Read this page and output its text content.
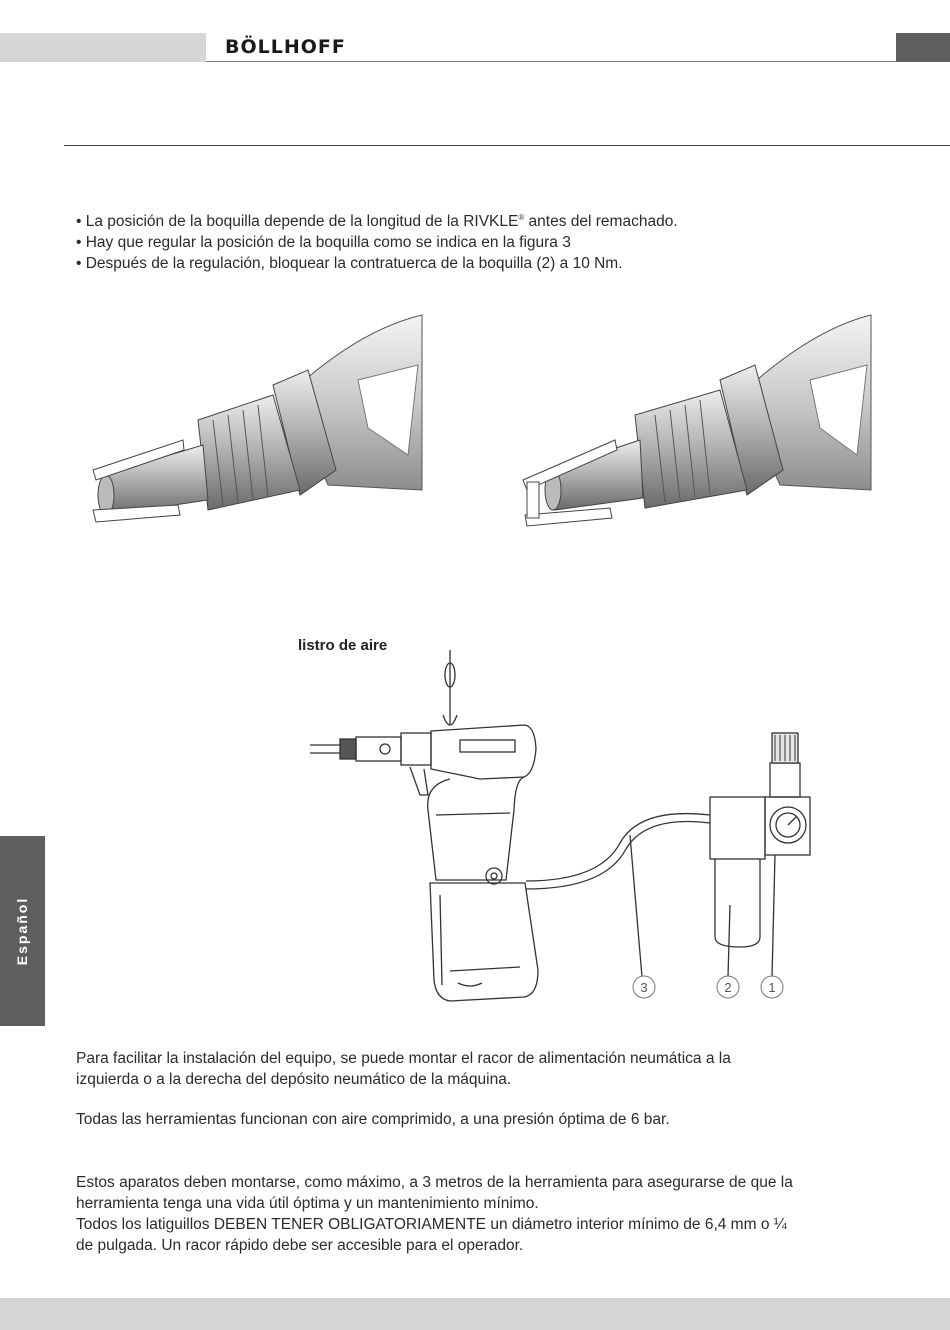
BÖLLHOFF
• La posición de la boquilla depende de la longitud de la RIVKLE® antes del remachado.
• Hay que regular la posición de la boquilla como se indica en la figura 3
• Después de la regulación, bloquear la contratuerca de la boquilla (2) a 10 Nm.
listro de aire
3	2	1
Español
Para facilitar la instalación del equipo, se puede montar el racor de alimentación neumática a la
izquierda o a la derecha del depósito neumático de la máquina.
Todas las herramientas funcionan con aire comprimido, a una presión óptima de 6 bar.
Estos aparatos deben montarse, como máximo, a 3 metros de la herramienta para asegurarse de que la
herramienta tenga una vida útil óptima y un mantenimiento mínimo.
Todos los latiguillos DEBEN TENER OBLIGATORIAMENTE un diámetro interior mínimo de 6,4 mm o ¼
de pulgada. Un racor rápido debe ser accesible para el operador.
